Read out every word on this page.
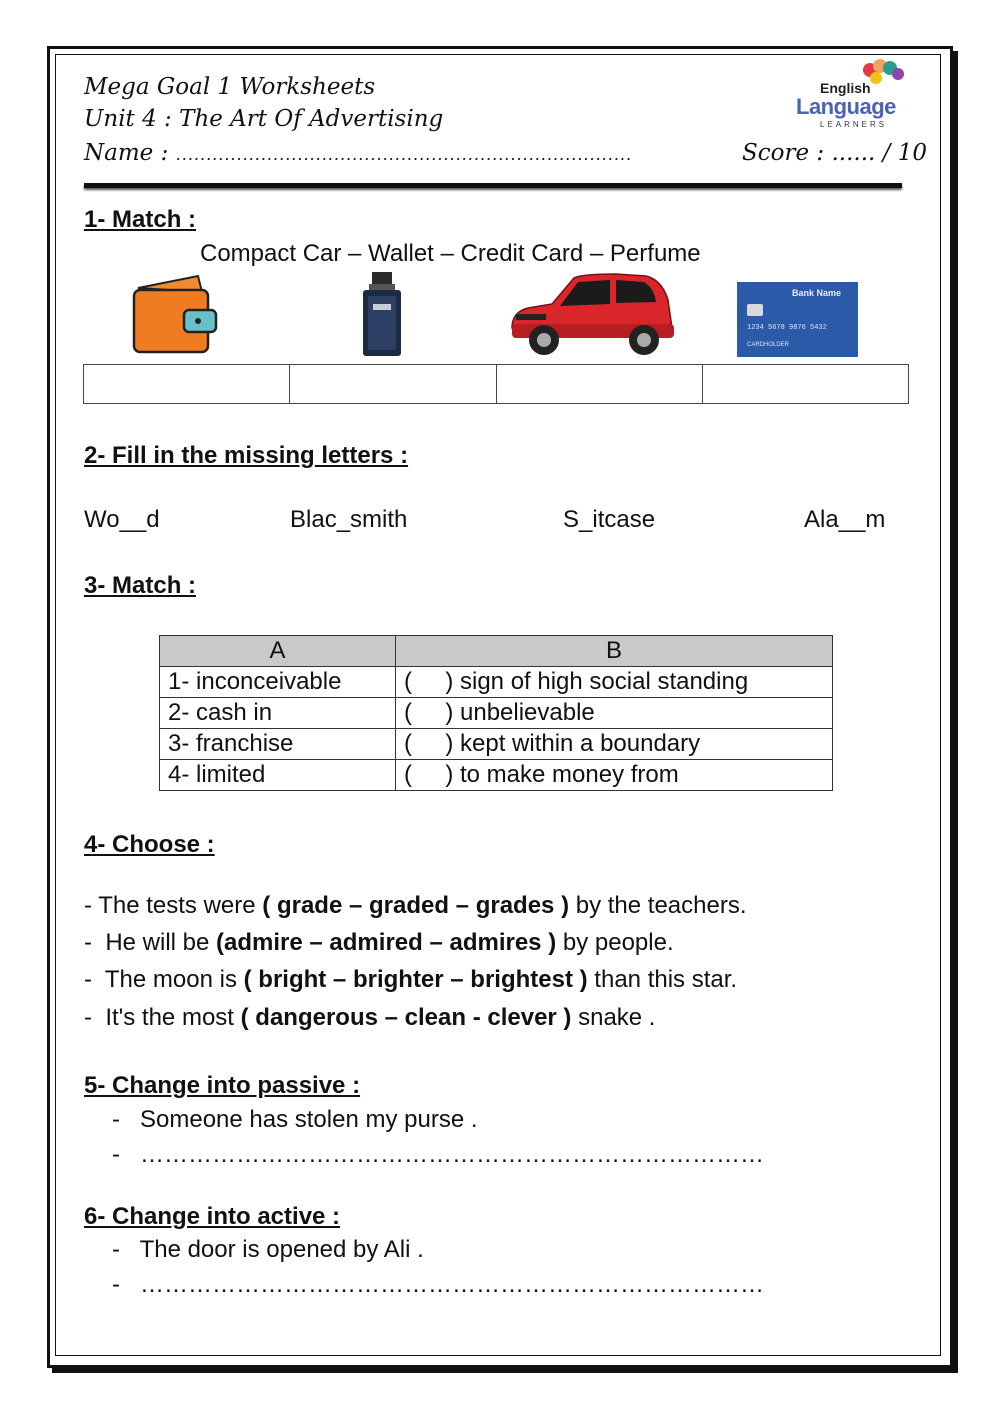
Mega Goal 1 Worksheets
Unit 4 : The Art Of Advertising
Name : ...........................................................................	Score : ...... / 10
English
Language
LEARNERS
1- Match :
Compact Car – Wallet – Credit Card – Perfume
Bank Name
1234 5678 9876 5432
CARDHOLDER
2- Fill in the missing letters :
Wo__d	Blac_smith	S_itcase	Ala__m
3- Match :
A	B
1- inconceivable	(     ) sign of high social standing
2- cash in	(     ) unbelievable
3- franchise	(     ) kept within a boundary
4- limited	(     ) to make money from
4- Choose :
- The tests were ( grade – graded – grades ) by the teachers.
-  He will be (admire – admired – admires ) by people.
-  The moon is ( bright – brighter – brightest ) than this star.
-  It's the most ( dangerous – clean - clever ) snake .
5- Change into passive :
-   Someone has stolen my purse .
-   ……………………………………………………………………
6- Change into active :
-   The door is opened by Ali .
-   ……………………………………………………………………
